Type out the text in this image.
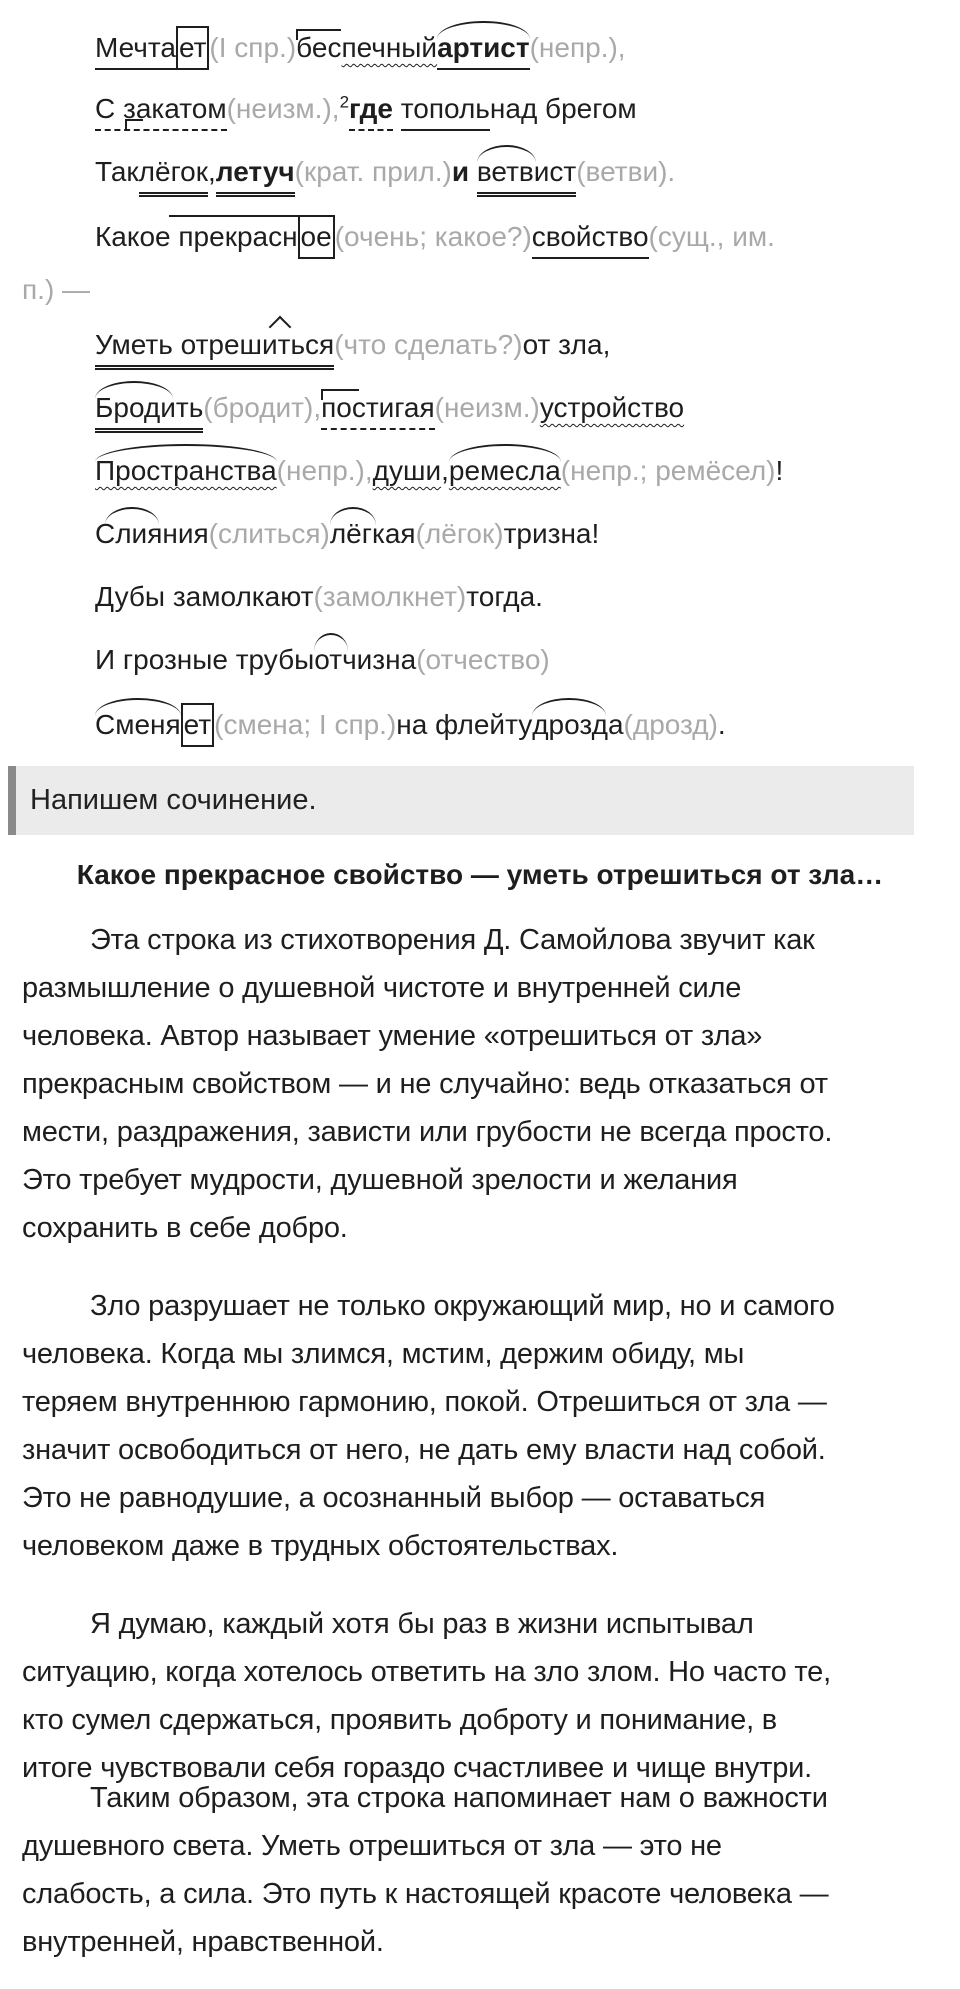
Мечта ет(I спр.)
беспечный
артист(непр.),
С закатом(неизм.),$^2$где топольнад брегом
Таклёгок,летуч(крат. прил.)и ветвист(ветви).
Какое пре
красн ое(очень; какое?)свойство(сущ., им.
п.) —
Уметь отрешиться(что сделать?)от зла,
Бродить(бродит),
постигая(неизм.)устройство
Пространства(непр.),души,
ремесла(непр.; ремёсел)!
Слияния(слиться)
лёгкая(лёгок)тризна!
Дубы замолкают(замолкнет)тогда.
И грозные трубы
отчизна(отчество)
Сменя ет(смена; I спр.)на флейту
дрозда(дрозд).
Напишем сочинение.
Какое прекрасное свойство — уметь отрешиться от зла…
Эта строка из стихотворения Д. Самойлова звучит как
размышление о душевной чистоте и внутренней силе
человека. Автор называет умение «отрешиться от зла»
прекрасным свойством — и не случайно: ведь отказаться от
мести, раздражения, зависти или грубости не всегда просто.
Это требует мудрости, душевной зрелости и желания
сохранить в себе добро.
Зло разрушает не только окружающий мир, но и самого
человека. Когда мы злимся, мстим, держим обиду, мы
теряем внутреннюю гармонию, покой. Отрешиться от зла —
значит освободиться от него, не дать ему власти над собой.
Это не равнодушие, а осознанный выбор — оставаться
человеком даже в трудных обстоятельствах.
Я думаю, каждый хотя бы раз в жизни испытывал
ситуацию, когда хотелось ответить на зло злом. Но часто те,
кто сумел сдержаться, проявить доброту и понимание, в
итоге чувствовали себя гораздо счастливее и чище внутри.
Таким образом, эта строка напоминает нам о важности
душевного света. Уметь отрешиться от зла — это не
слабость, а сила. Это путь к настоящей красоте человека —
внутренней, нравственной.
